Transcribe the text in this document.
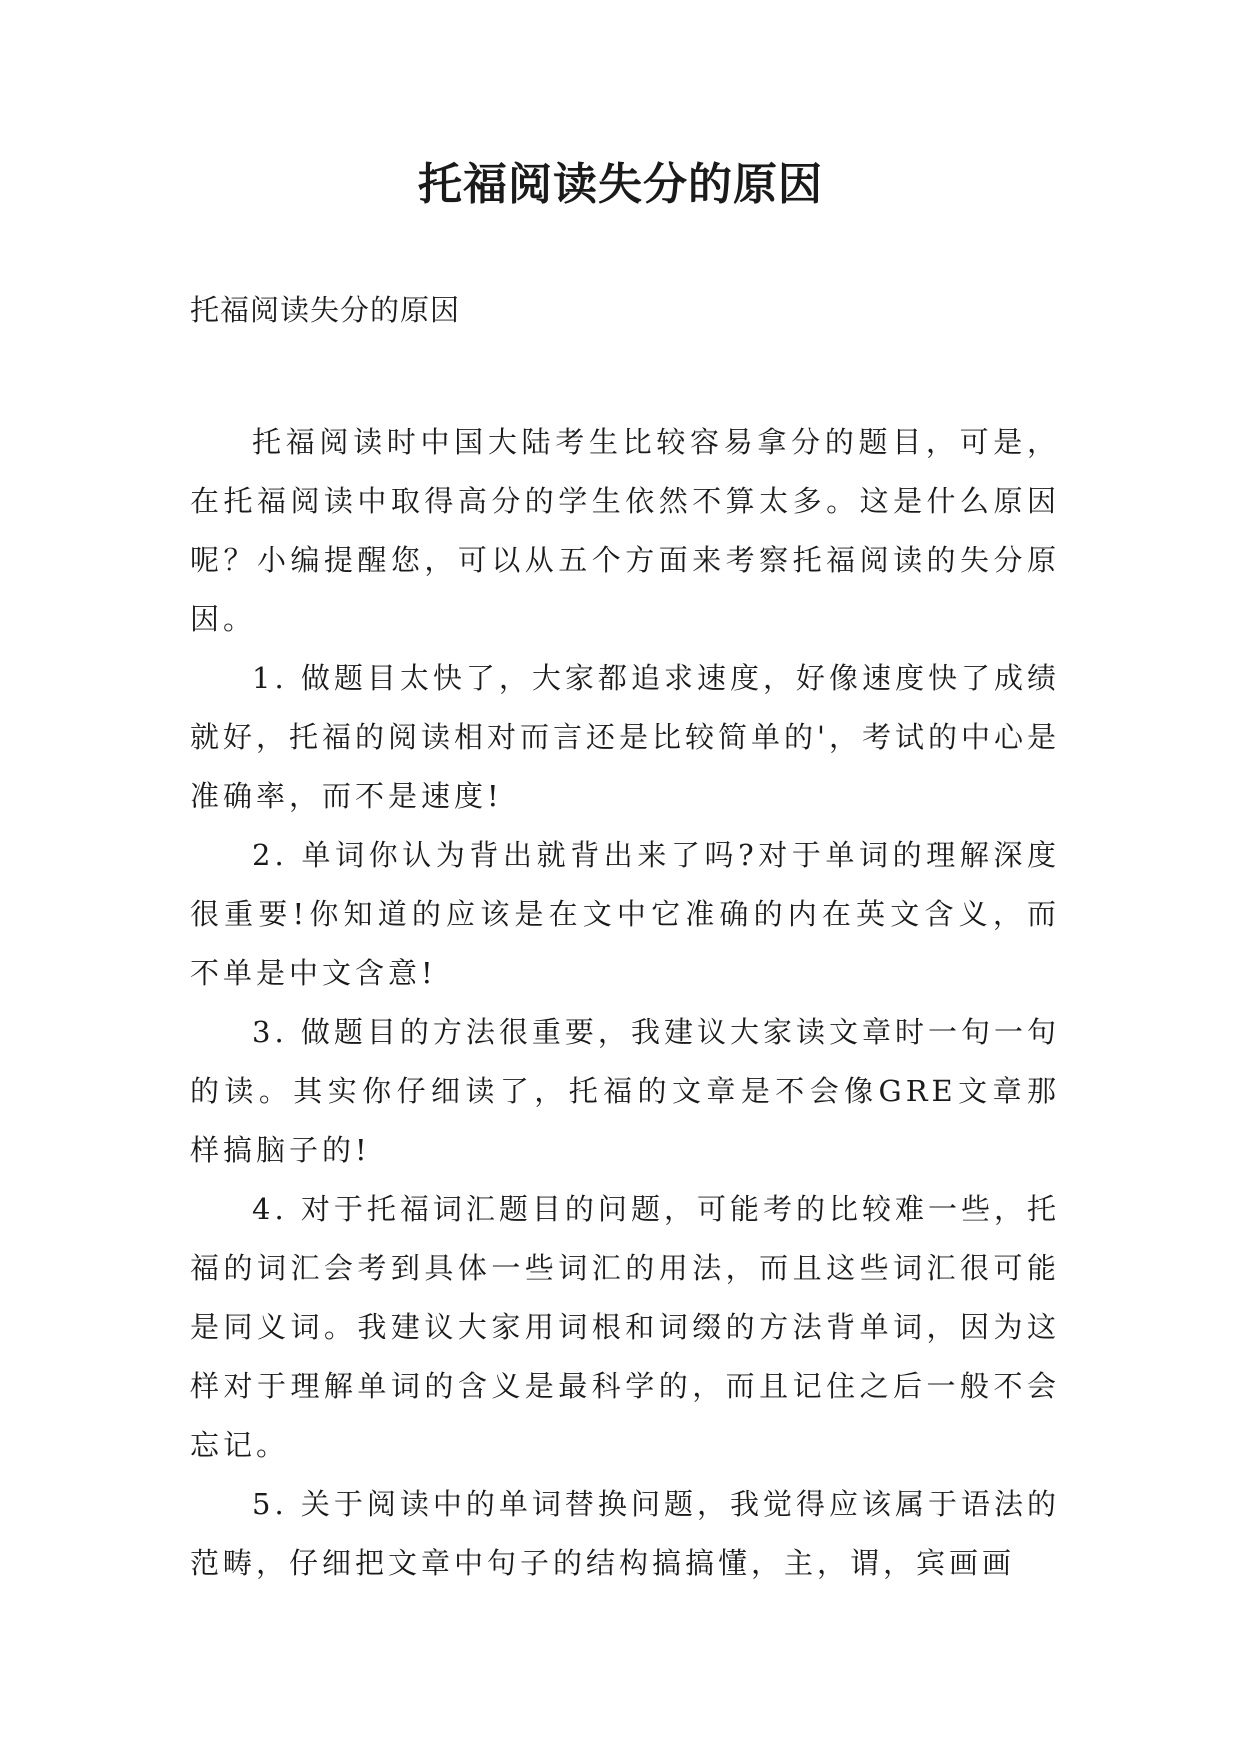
托福阅读失分的原因

托福阅读失分的原因

托福阅读时中国大陆考生比较容易拿分的题目，可是，在托福阅读中取得高分的学生依然不算太多。这是什么原因呢？小编提醒您，可以从五个方面来考察托福阅读的失分原因。

1. 做题目太快了，大家都追求速度，好像速度快了成绩就好，托福的阅读相对而言还是比较简单的'，考试的中心是准确率，而不是速度!

2. 单词你认为背出就背出来了吗?对于单词的理解深度很重要!你知道的应该是在文中它准确的内在英文含义，而不单是中文含意!

3. 做题目的方法很重要，我建议大家读文章时一句一句的读。其实你仔细读了，托福的文章是不会像GRE文章那样搞脑子的!

4. 对于托福词汇题目的问题，可能考的比较难一些，托福的词汇会考到具体一些词汇的用法，而且这些词汇很可能是同义词。我建议大家用词根和词缀的方法背单词，因为这样对于理解单词的含义是最科学的，而且记住之后一般不会忘记。

5. 关于阅读中的单词替换问题，我觉得应该属于语法的范畴，仔细把文章中句子的结构搞搞懂，主，谓，宾画画
